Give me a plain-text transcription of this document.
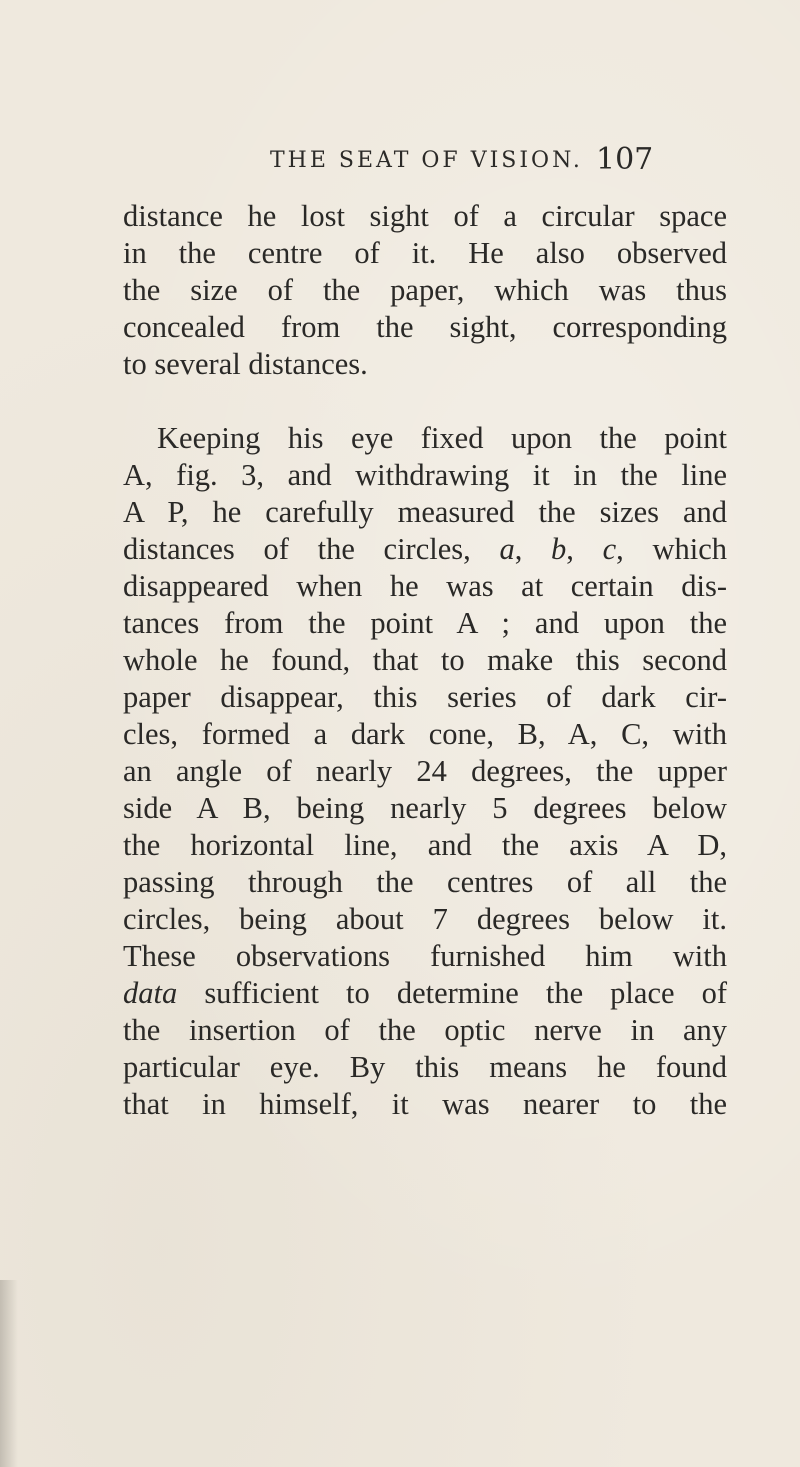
THE SEAT OF VISION. 107

distance he lost sight of a circular space
in the centre of it. He also observed
the size of the paper, which was thus
concealed from the sight, corresponding
to several distances.

Keeping his eye fixed upon the point
A, fig. 3, and withdrawing it in the line
A P, he carefully measured the sizes and
distances of the circles, a, b, c, which
disappeared when he was at certain dis-
tances from the point A ; and upon the
whole he found, that to make this second
paper disappear, this series of dark cir-
cles, formed a dark cone, B, A, C, with
an angle of nearly 24 degrees, the upper
side A B, being nearly 5 degrees below
the horizontal line, and the axis A D,
passing through the centres of all the
circles, being about 7 degrees below it.
These observations furnished him with
data sufficient to determine the place of
the insertion of the optic nerve in any
particular eye. By this means he found
that in himself, it was nearer to the
